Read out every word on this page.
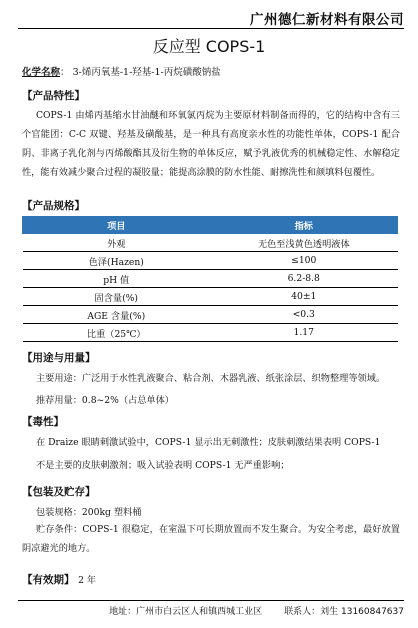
广州德仁新材料有限公司
反应型 COPS-1
化学名称： 3-烯丙氧基-1-羟基-1-丙烷磺酸钠盐
【产品特性】

COPS-1 由烯丙基缩水甘油醚和环氧氯丙烷为主要原材料制备而得的，它的结构中含有三个官能团：C-C 双键、羟基及磺酸基，是一种具有高度亲水性的功能性单体，COPS-1 配合阴、非离子乳化剂与丙烯酸酯其及衍生物的单体反应，赋予乳液优秀的机械稳定性、水解稳定性，能有效减少聚合过程的凝胶量；能提高涂膜的防水性能、耐擦洗性和颜填料包覆性。

【产品规格】
项目	指标
外观	无色至浅黄色透明液体
色泽(Hazen)	≤100
pH 值	6.2-8.8
固含量(%)	40±1
AGE 含量(%)	<0.3
比重（25℃）	1.17
【用途与用量】
主要用途：广泛用于水性乳液聚合、粘合剂、木器乳液、纸张涂层、织物整理等领域。
推荐用量：0.8~2%（占总单体）
【毒性】
在 Draize 眼睛刺激试验中，COPS-1 显示出无刺激性；皮肤刺激结果表明 COPS-1
不是主要的皮肤刺激剂；吸入试验表明 COPS-1 无严重影响；
【包装及贮存】
包装规格：200kg 塑料桶

贮存条件：COPS-1 很稳定，在室温下可长期放置而不发生聚合。为安全考虑，最好放置阴凉避光的地方。

【有效期】 2 年
地址：广州市白云区人和镇西城工业区 联系人：刘生 13160847637
